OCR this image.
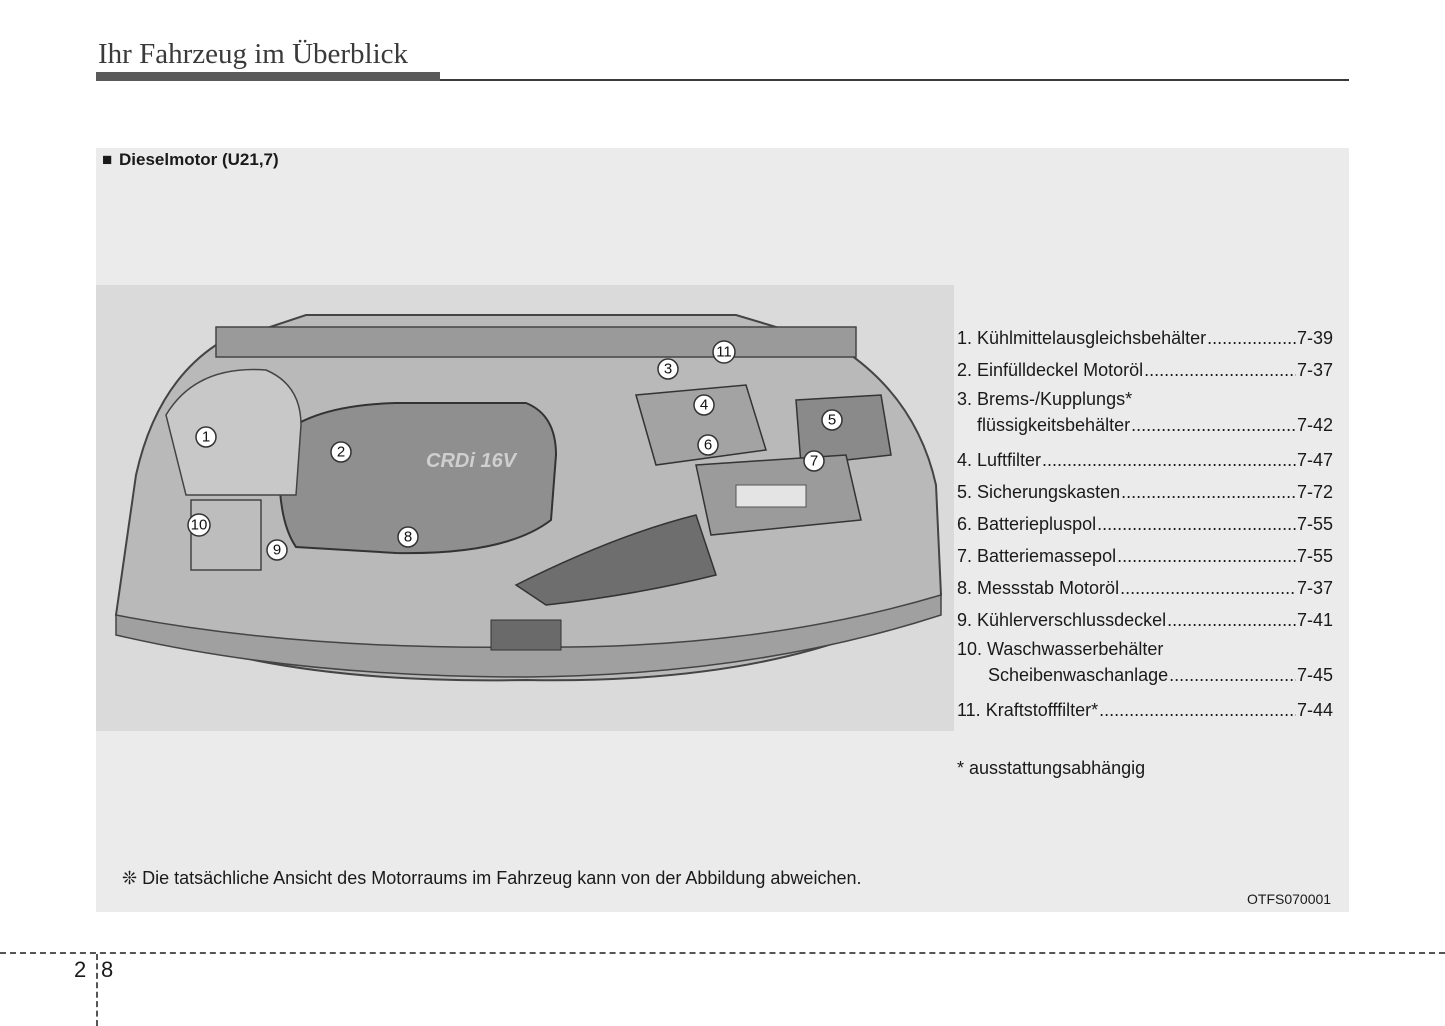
Ihr Fahrzeug im Überblick
■ Dieselmotor (U21,7)
CRDi 16V
1
2
3
4
5
6
7
8
9
10
11
1. Kühlmittelausgleichsbehälter .....	7-39
2. Einfülldeckel Motoröl .....	7-37
3. Brems-/Kupplungs*
flüssigkeitsbehälter .....	7-42
4. Luftfilter .....	7-47
5. Sicherungskasten .....	7-72
6. Batteriepluspol .....	7-55
7. Batteriemassepol .....	7-55
8. Messstab Motoröl .....	7-37
9. Kühlerverschlussdeckel .....	7-41
10. Waschwasserbehälter
Scheibenwaschanlage .....	7-45
11. Kraftstofffilter* .....	7-44
* ausstattungsabhängig
❊ Die tatsächliche Ansicht des Motorraums im Fahrzeug kann von der Abbildung abweichen.
OTFS070001
2 8
